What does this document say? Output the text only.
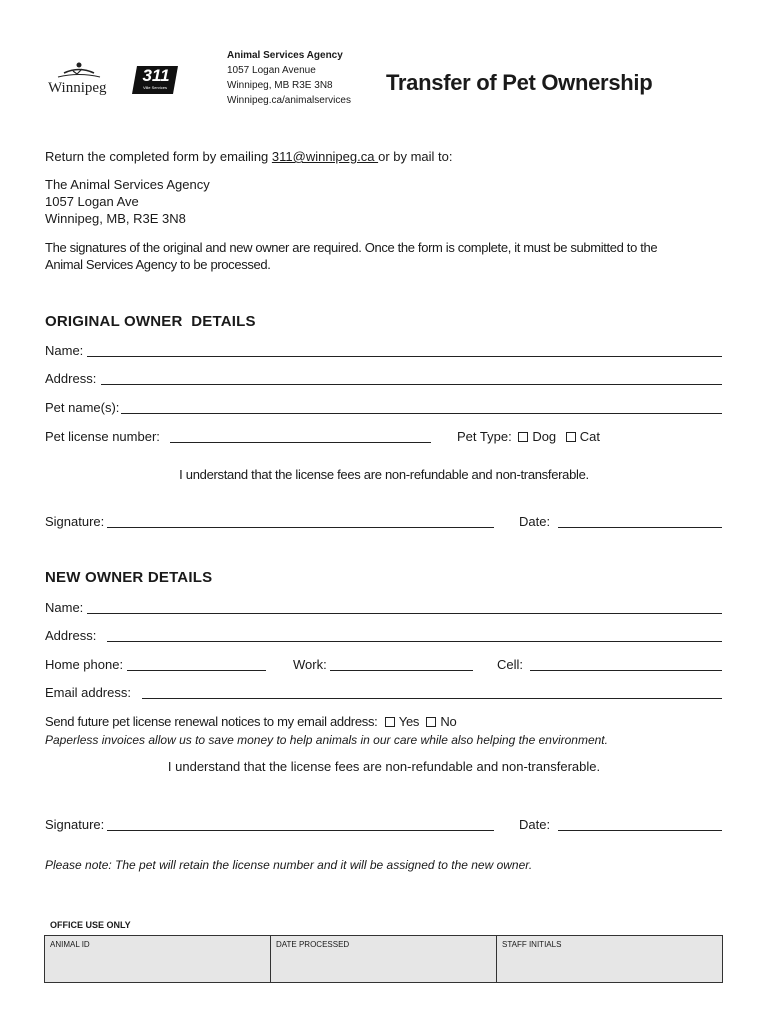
Winnipeg
311
Ville Services
Animal Services Agency
1057 Logan Avenue
Winnipeg, MB R3E 3N8
Winnipeg.ca/animalservices
Transfer of Pet Ownership
Return the completed form by emailing 311@winnipeg.ca or by mail to:
The Animal Services Agency
1057 Logan Ave
Winnipeg, MB, R3E 3N8
The signatures of the original and new owner are required. Once the form is complete, it must be submitted to the
Animal Services Agency to be processed.
ORIGINAL OWNER  DETAILS
Name:
Address:
Pet name(s):
Pet license number:	Pet Type: Dog Cat
I understand that the license fees are non-refundable and non-transferable.
Signature:	Date:
NEW OWNER DETAILS
Name:
Address:
Home phone:	Work:	Cell:
Email address:
Send future pet license renewal notices to my email address: Yes No
Paperless invoices allow us to save money to help animals in our care while also helping the environment.
I understand that the license fees are non-refundable and non-transferable.
Signature:	Date:
Please note: The pet will retain the license number and it will be assigned to the new owner.
OFFICE USE ONLY
ANIMAL ID	DATE PROCESSED	STAFF INITIALS
